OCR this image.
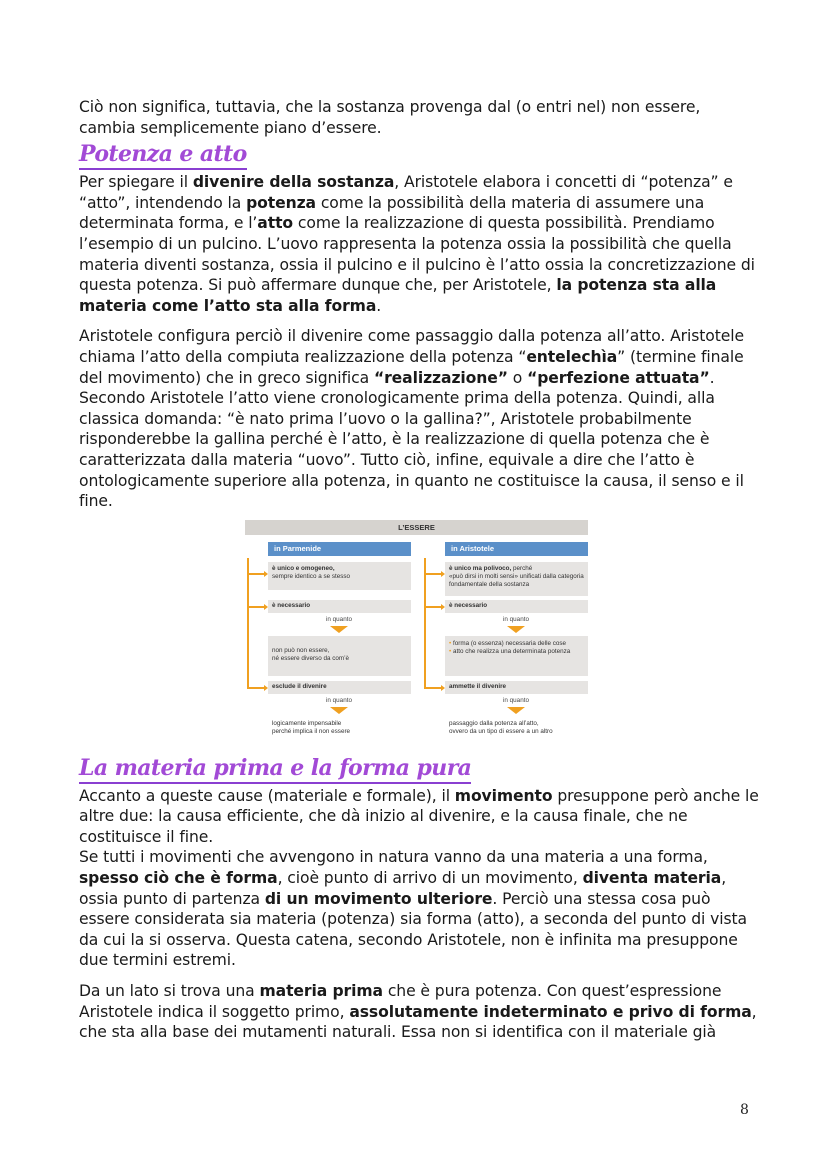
Ciò non significa, tuttavia, che la sostanza provenga dal (o entri nel) non essere, cambia semplicemente piano d’essere.

Potenza e atto

Per spiegare il divenire della sostanza, Aristotele elabora i concetti di “potenza” e “atto”, intendendo la potenza come la possibilità della materia di assumere una determinata forma, e l’atto come la realizzazione di questa possibilità. Prendiamo l’esempio di un pulcino. L’uovo rappresenta la potenza ossia la possibilità che quella materia diventi sostanza, ossia il pulcino e il pulcino è l’atto ossia la concretizzazione di questa potenza. Si può affermare dunque che, per Aristotele, la potenza sta alla materia come l’atto sta alla forma.

Aristotele configura perciò il divenire come passaggio dalla potenza all’atto. Aristotele chiama l’atto della compiuta realizzazione della potenza “entelechìa” (termine finale del movimento) che in greco significa “realizzazione” o “perfezione attuata”.

Secondo Aristotele l’atto viene cronologicamente prima della potenza. Quindi, alla classica domanda: “è nato prima l’uovo o la gallina?”, Aristotele probabilmente risponderebbe la gallina perché è l’atto, è la realizzazione di quella potenza che è caratterizzata dalla materia “uovo”. Tutto ciò, infine, equivale a dire che l’atto è ontologicamente superiore alla potenza, in quanto ne costituisce la causa, il senso e il fine.

L’ESSERE
in Parmenide
è unico e omogeneo,
sempre identico a se stesso
è necessario
in quanto
non può non essere,
né essere diverso da com’è
esclude il divenire
in quanto
logicamente impensabile
perché implica il non essere
in Aristotele
è unico ma polivoco, perché
«può dirsi in molti sensi» unificati dalla categoria fondamentale della sostanza
è necessario
in quanto
• forma (o essenza) necessaria delle cose
• atto che realizza una determinata potenza
ammette il divenire
in quanto
passaggio dalla potenza all’atto,
ovvero da un tipo di essere a un altro
La materia prima e la forma pura

Accanto a queste cause (materiale e formale), il movimento presuppone però anche le altre due: la causa efficiente, che dà inizio al divenire, e la causa finale, che ne costituisce il fine.

Se tutti i movimenti che avvengono in natura vanno da una materia a una forma, spesso ciò che è forma, cioè punto di arrivo di un movimento, diventa materia, ossia punto di partenza di un movimento ulteriore. Perciò una stessa cosa può essere considerata sia materia (potenza) sia forma (atto), a seconda del punto di vista da cui la si osserva. Questa catena, secondo Aristotele, non è infinita ma presuppone due termini estremi.

Da un lato si trova una materia prima che è pura potenza. Con quest’espressione Aristotele indica il soggetto primo, assolutamente indeterminato e privo di forma, che sta alla base dei mutamenti naturali. Essa non si identifica con il materiale già

8
